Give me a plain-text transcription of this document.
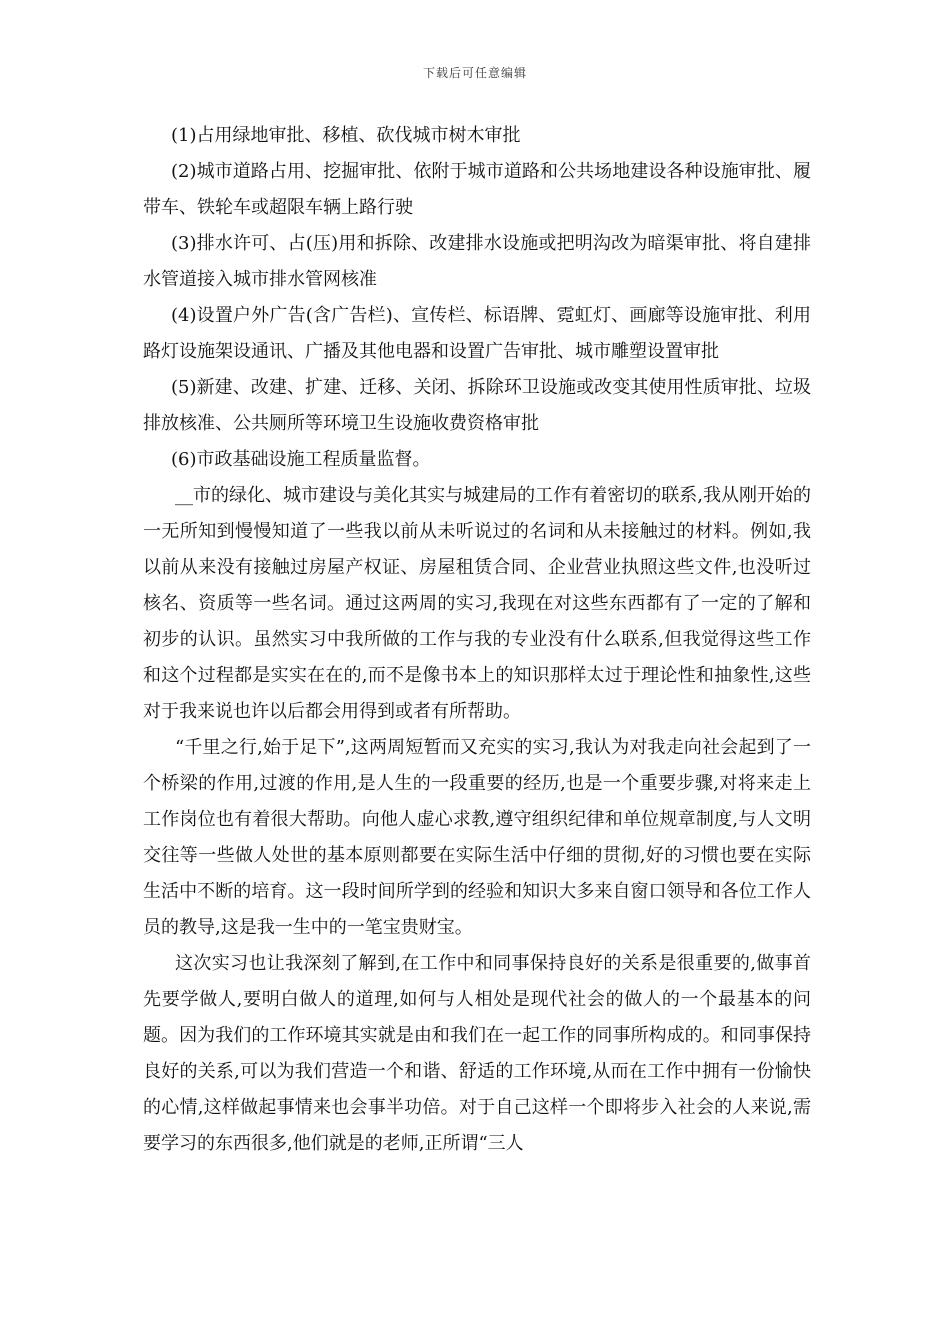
下载后可任意编辑

(1)占用绿地审批、移植、砍伐城市树木审批

(2)城市道路占用、挖掘审批、依附于城市道路和公共场地建设各种设施审批、履带车、铁轮车或超限车辆上路行驶

(3)排水许可、占(压)用和拆除、改建排水设施或把明沟改为暗渠审批、将自建排水管道接入城市排水管网核准

(4)设置户外广告(含广告栏)、宣传栏、标语牌、霓虹灯、画廊等设施审批、利用路灯设施架设通讯、广播及其他电器和设置广告审批、城市雕塑设置审批

(5)新建、改建、扩建、迁移、关闭、拆除环卫设施或改变其使用性质审批、垃圾排放核准、公共厕所等环境卫生设施收费资格审批

(6)市政基础设施工程质量监督。

__市的绿化、城市建设与美化其实与城建局的工作有着密切的联系,我从刚开始的一无所知到慢慢知道了一些我以前从未听说过的名词和从未接触过的材料。例如,我以前从来没有接触过房屋产权证、房屋租赁合同、企业营业执照这些文件,也没听过核名、资质等一些名词。通过这两周的实习,我现在对这些东西都有了一定的了解和初步的认识。虽然实习中我所做的工作与我的专业没有什么联系,但我觉得这些工作和这个过程都是实实在在的,而不是像书本上的知识那样太过于理论性和抽象性,这些对于我来说也许以后都会用得到或者有所帮助。

“千里之行,始于足下”,这两周短暂而又充实的实习,我认为对我走向社会起到了一个桥梁的作用,过渡的作用,是人生的一段重要的经历,也是一个重要步骤,对将来走上工作岗位也有着很大帮助。向他人虚心求教,遵守组织纪律和单位规章制度,与人文明交往等一些做人处世的基本原则都要在实际生活中仔细的贯彻,好的习惯也要在实际生活中不断的培育。这一段时间所学到的经验和知识大多来自窗口领导和各位工作人员的教导,这是我一生中的一笔宝贵财宝。

这次实习也让我深刻了解到,在工作中和同事保持良好的关系是很重要的,做事首先要学做人,要明白做人的道理,如何与人相处是现代社会的做人的一个最基本的问题。因为我们的工作环境其实就是由和我们在一起工作的同事所构成的。和同事保持良好的关系,可以为我们营造一个和谐、舒适的工作环境,从而在工作中拥有一份愉快的心情,这样做起事情来也会事半功倍。对于自己这样一个即将步入社会的人来说,需要学习的东西很多,他们就是的老师,正所谓“三人
